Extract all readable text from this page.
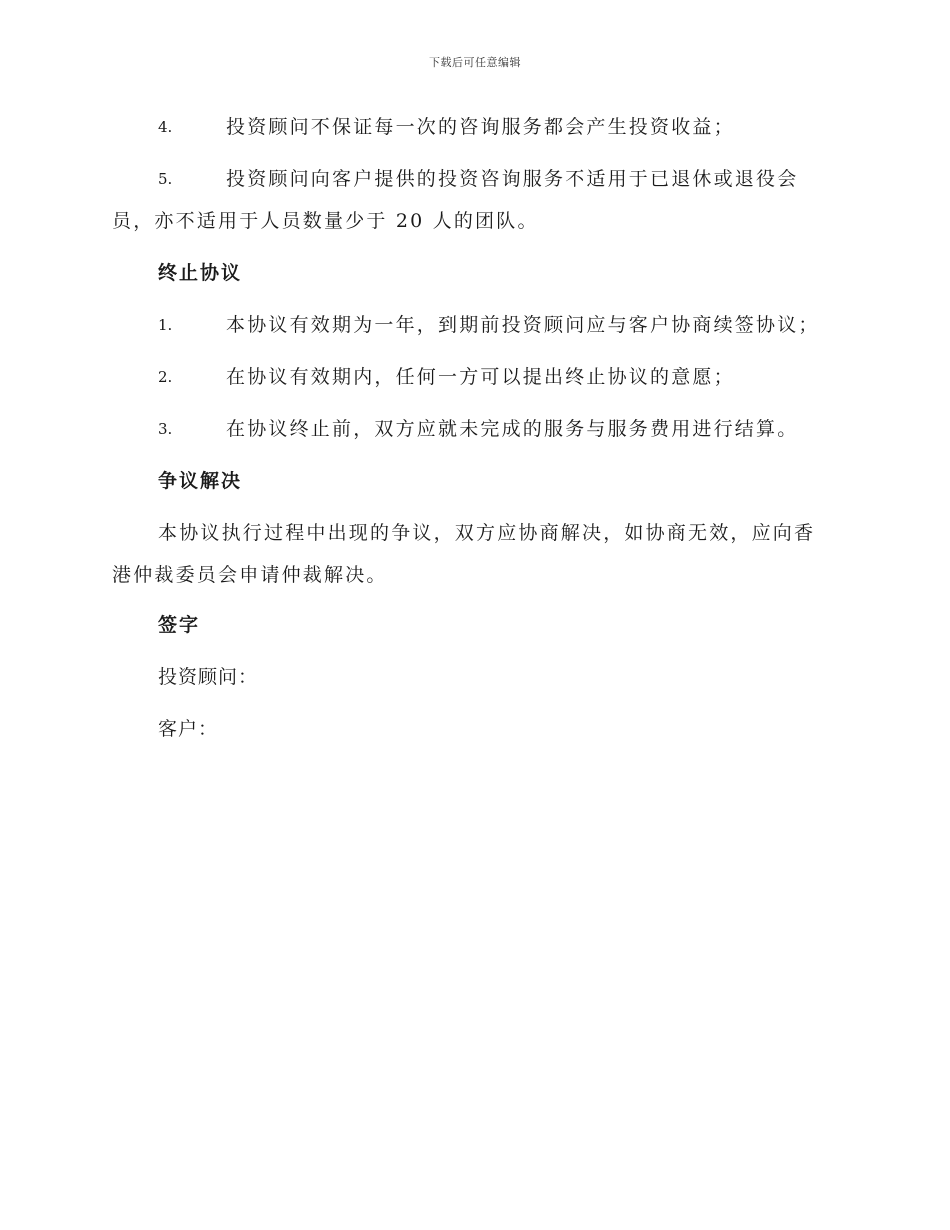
下载后可任意编辑
4.	投资顾问不保证每一次的咨询服务都会产生投资收益；
5.	投资顾问向客户提供的投资咨询服务不适用于已退休或退役会
员，亦不适用于人员数量少于 20 人的团队。
终止协议
1.	本协议有效期为一年，到期前投资顾问应与客户协商续签协议；
2.	在协议有效期内，任何一方可以提出终止协议的意愿；
3.	在协议终止前，双方应就未完成的服务与服务费用进行结算。
争议解决
本协议执行过程中出现的争议，双方应协商解决，如协商无效，应向香
港仲裁委员会申请仲裁解决。
签字
投资顾问：
客户：
